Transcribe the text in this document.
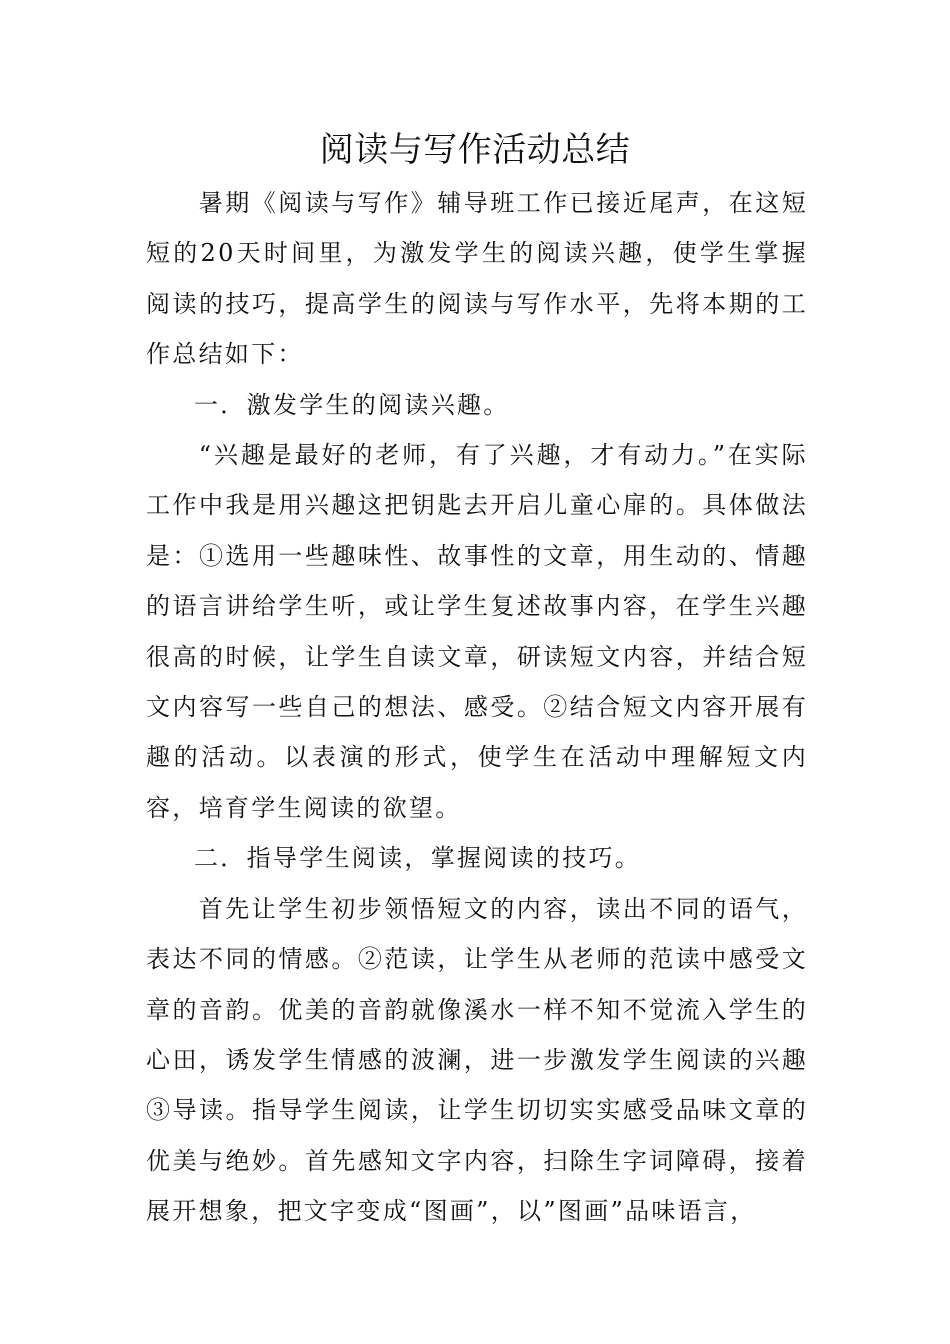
阅读与写作活动总结

暑期《阅读与写作》辅导班工作已接近尾声，在这短短的20天时间里，为激发学生的阅读兴趣，使学生掌握阅读的技巧，提高学生的阅读与写作水平，先将本期的工作总结如下：

一．激发学生的阅读兴趣。

“兴趣是最好的老师，有了兴趣，才有动力。”在实际工作中我是用兴趣这把钥匙去开启儿童心扉的。具体做法是：①选用一些趣味性、故事性的文章，用生动的、情趣的语言讲给学生听，或让学生复述故事内容，在学生兴趣很高的时候，让学生自读文章，研读短文内容，并结合短文内容写一些自己的想法、感受。②结合短文内容开展有趣的活动。以表演的形式，使学生在活动中理解短文内容，培育学生阅读的欲望。

二．指导学生阅读，掌握阅读的技巧。

首先让学生初步领悟短文的内容，读出不同的语气，表达不同的情感。②范读，让学生从老师的范读中感受文章的音韵。优美的音韵就像溪水一样不知不觉流入学生的心田，诱发学生情感的波澜，进一步激发学生阅读的兴趣③导读。指导学生阅读，让学生切切实实感受品味文章的优美与绝妙。首先感知文字内容，扫除生字词障碍，接着展开想象，把文字变成“图画”，以”图画”品味语言，
